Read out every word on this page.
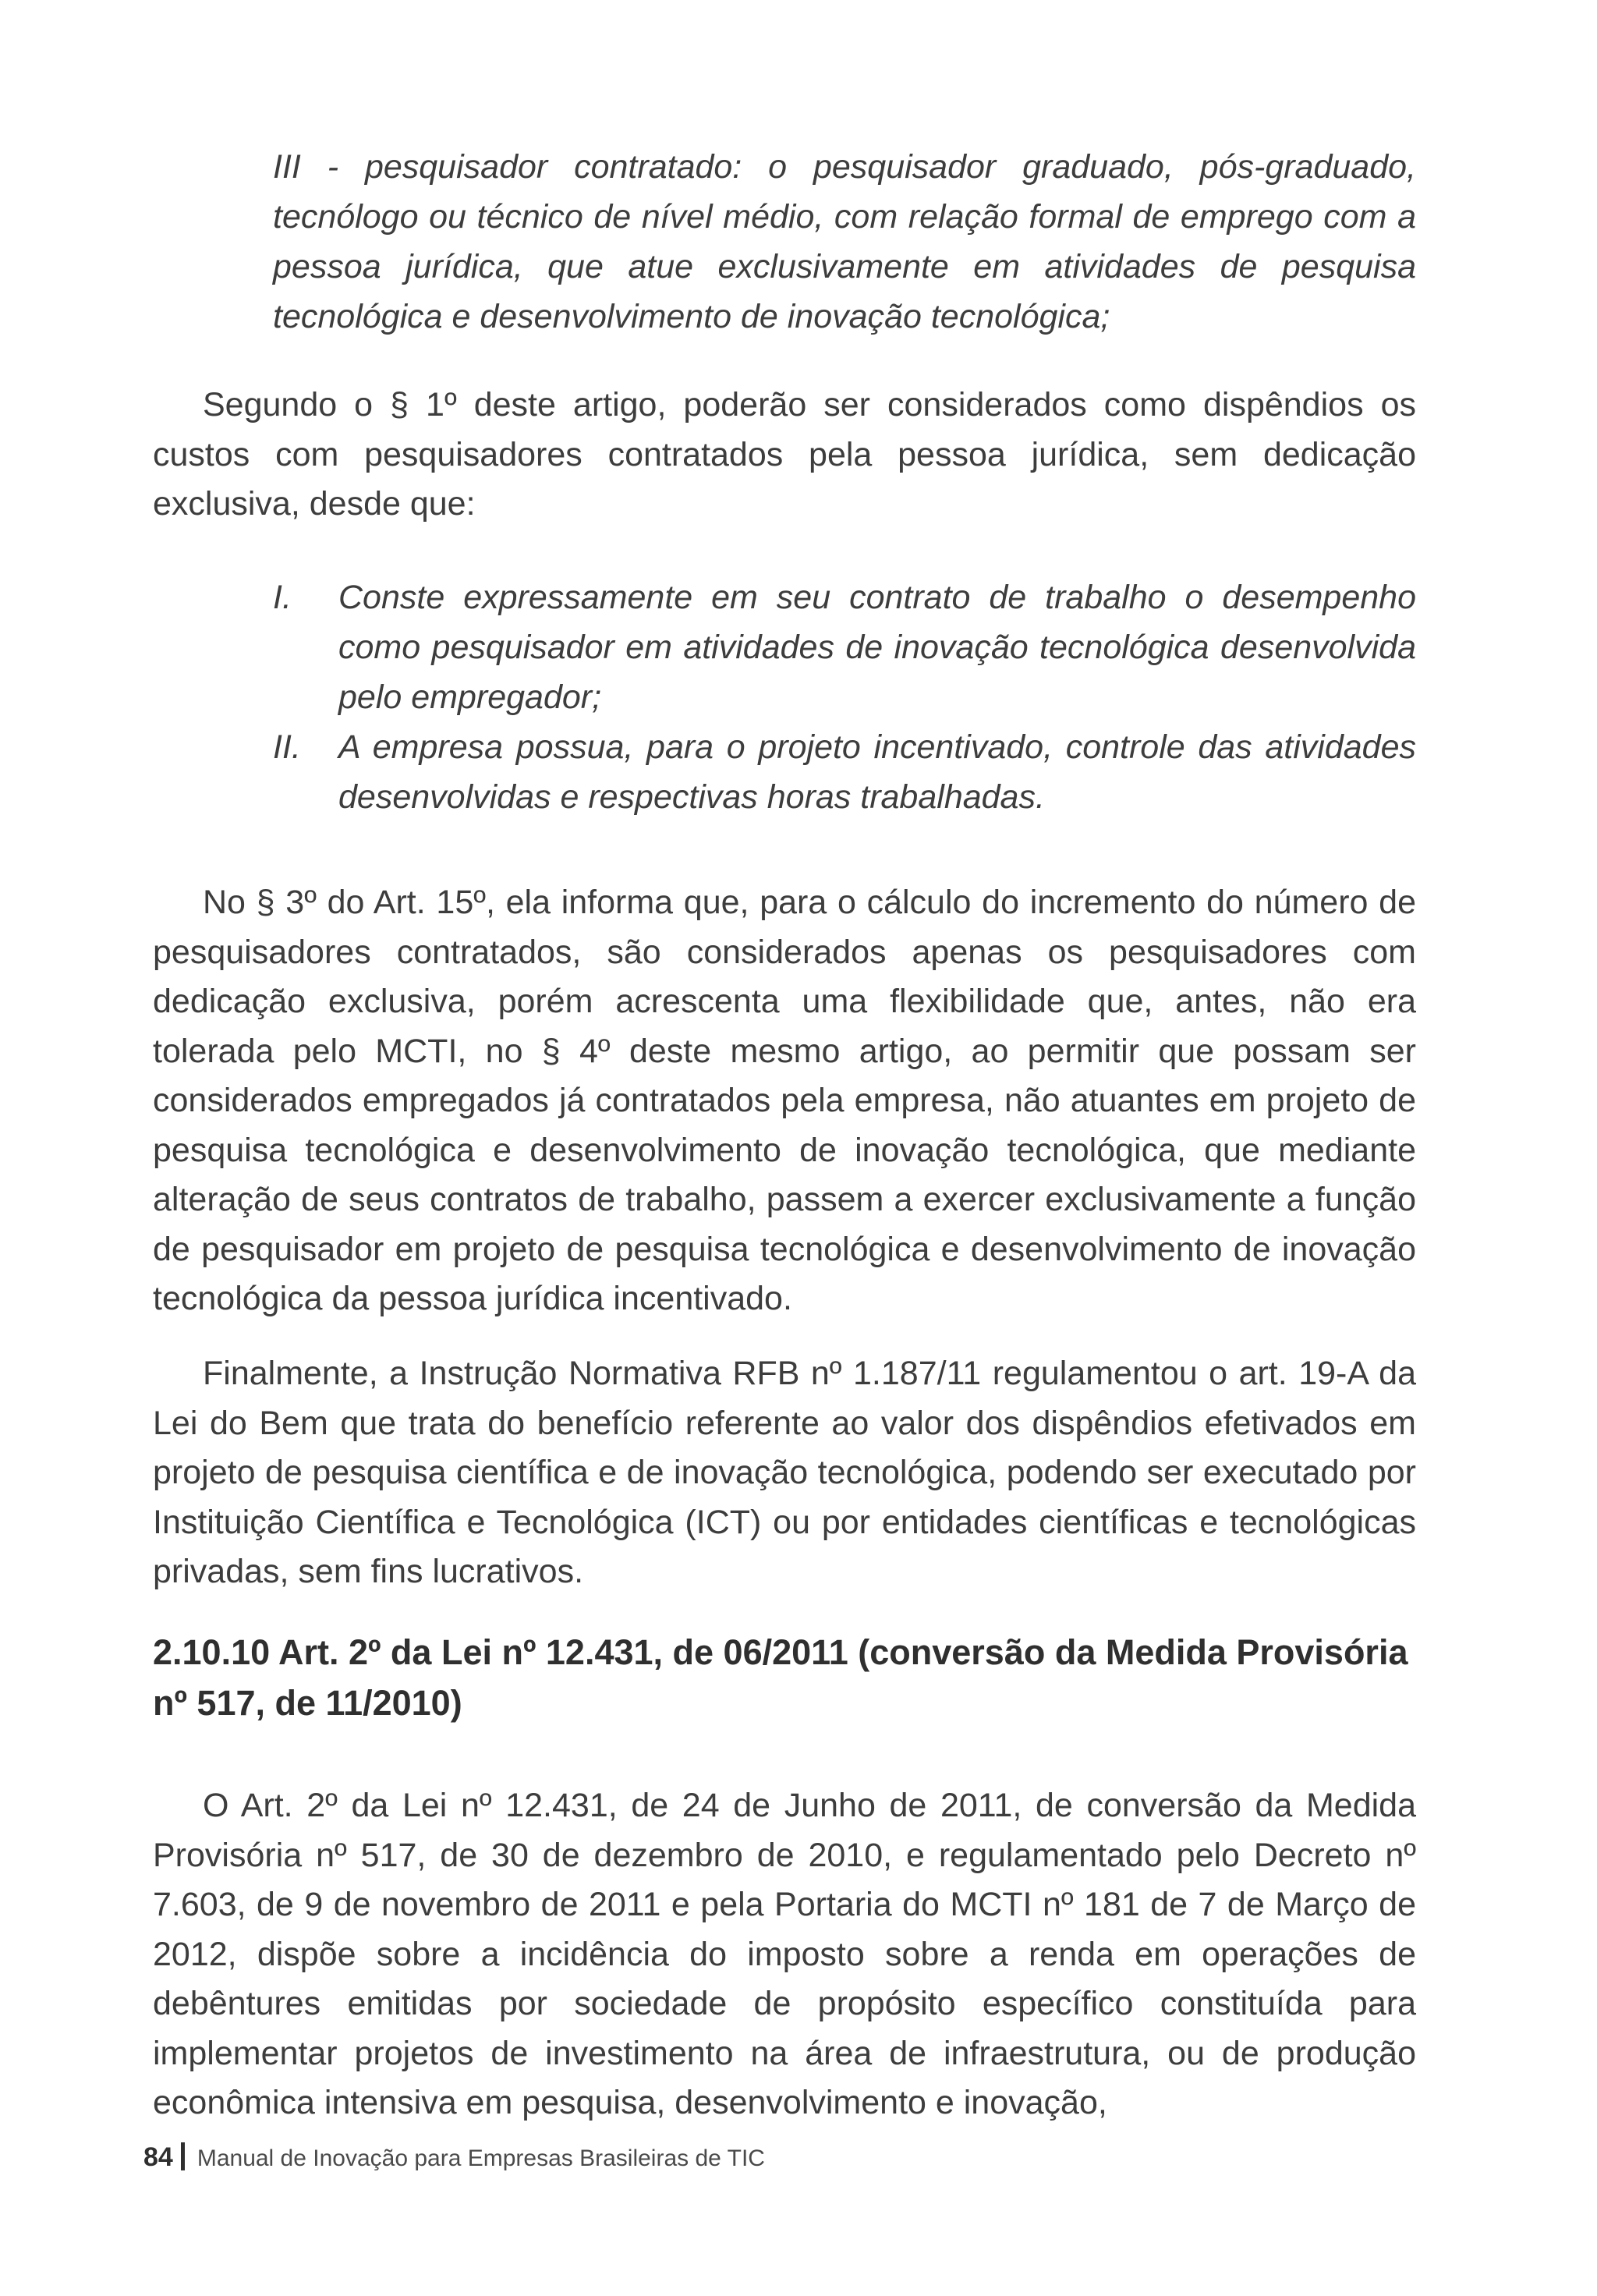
III - pesquisador contratado: o pesquisador graduado, pós-graduado, tecnólogo ou técnico de nível médio, com relação formal de emprego com a pessoa jurídica, que atue exclusivamente em atividades de pesquisa tecnológica e desenvolvimento de inovação tecnológica;

Segundo o § 1º deste artigo, poderão ser considerados como dispêndios os custos com pesquisadores contratados pela pessoa jurídica, sem dedicação exclusiva, desde que:

I. Conste expressamente em seu contrato de trabalho o desempenho como pesquisador em atividades de inovação tecnológica desenvolvida pelo empregador;
II. A empresa possua, para o projeto incentivado, controle das atividades desenvolvidas e respectivas horas trabalhadas.

No § 3º do Art. 15º, ela informa que, para o cálculo do incremento do número de pesquisadores contratados, são considerados apenas os pesquisadores com dedicação exclusiva, porém acrescenta uma flexibilidade que, antes, não era tolerada pelo MCTI, no § 4º deste mesmo artigo, ao permitir que possam ser considerados empregados já contratados pela empresa, não atuantes em projeto de pesquisa tecnológica e desenvolvimento de inovação tecnológica, que mediante alteração de seus contratos de trabalho, passem a exercer exclusivamente a função de pesquisador em projeto de pesquisa tecnológica e desenvolvimento de inovação tecnológica da pessoa jurídica incentivado.

Finalmente, a Instrução Normativa RFB nº 1.187/11 regulamentou o art. 19-A da Lei do Bem que trata do benefício referente ao valor dos dispêndios efetivados em projeto de pesquisa científica e de inovação tecnológica, podendo ser executado por Instituição Científica e Tecnológica (ICT) ou por entidades científicas e tecnológicas privadas, sem fins lucrativos.

2.10.10 Art. 2º da Lei nº 12.431, de 06/2011 (conversão da Medida Provisória nº 517, de 11/2010)

O Art. 2º da Lei nº 12.431, de 24 de Junho de 2011, de conversão da Medida Provisória nº 517, de 30 de dezembro de 2010, e regulamentado pelo Decreto nº 7.603, de 9 de novembro de 2011 e pela Portaria do MCTI nº 181 de 7 de Março de 2012, dispõe sobre a incidência do imposto sobre a renda em operações de debêntures emitidas por sociedade de propósito específico constituída para implementar projetos de investimento na área de infraestrutura, ou de produção econômica intensiva em pesquisa, desenvolvimento e inovação,

84 Manual de Inovação para Empresas Brasileiras de TIC
